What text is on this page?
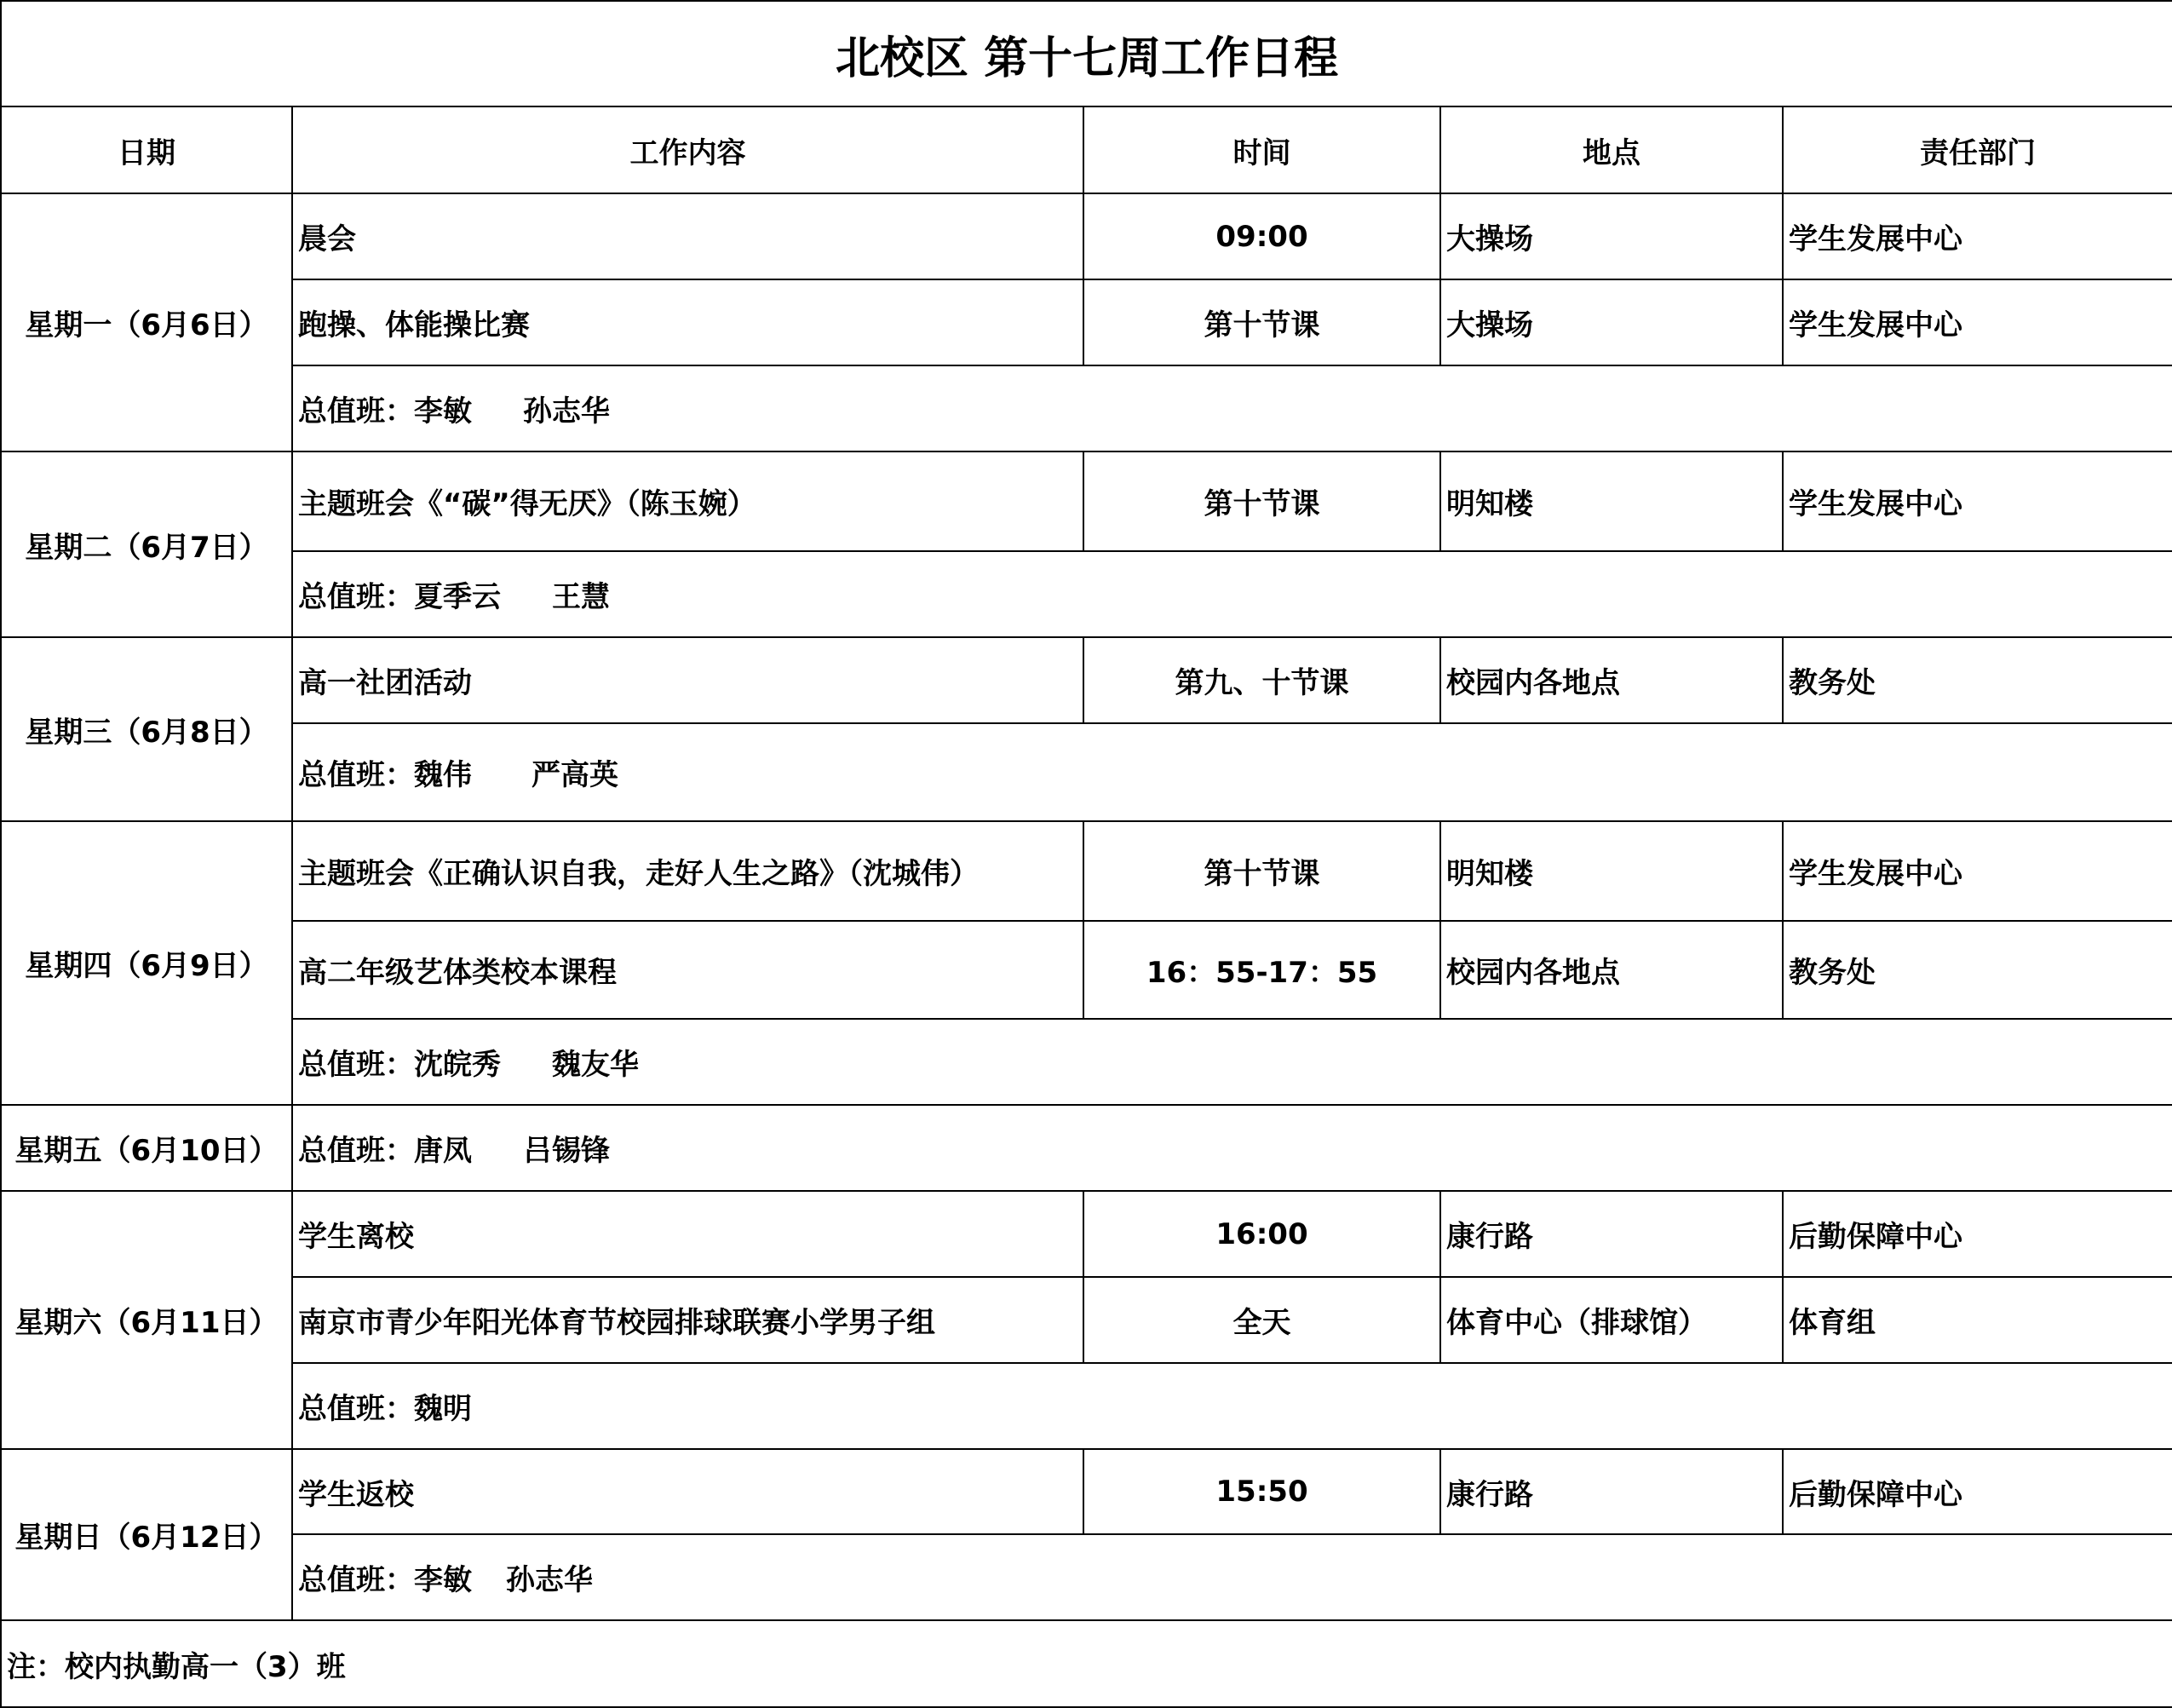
北校区 第十七周工作日程				
日期	工作内容	时间	地点	责任部门
星期一（6月6日）	晨会	09:00	大操场	学生发展中心
	跑操、体能操比赛	第十节课	大操场	学生发展中心
	总值班：李敏 孙志华			
星期二（6月7日）	主题班会《“碳”得无厌》（陈玉婉）	第十节课	明知楼	学生发展中心
	总值班：夏季云 王慧			
星期三（6月8日）	高一社团活动	第九、十节课	校园内各地点	教务处
	总值班：魏伟 严高英			
星期四（6月9日）	主题班会《正确认识自我，走好人生之路》（沈城伟）	第十节课	明知楼	学生发展中心
	高二年级艺体类校本课程	16：55-17：55	校园内各地点	教务处
	总值班：沈皖秀 魏友华			
星期五（6月10日）	总值班：唐凤 吕锡锋			
星期六（6月11日）	学生离校	16:00	康行路	后勤保障中心
	南京市青少年阳光体育节校园排球联赛小学男子组	全天	体育中心（排球馆）	体育组
	总值班：魏明			
星期日（6月12日）	学生返校	15:50	康行路	后勤保障中心
	总值班：李敏 孙志华			
注：校内执勤高一（3）班				
